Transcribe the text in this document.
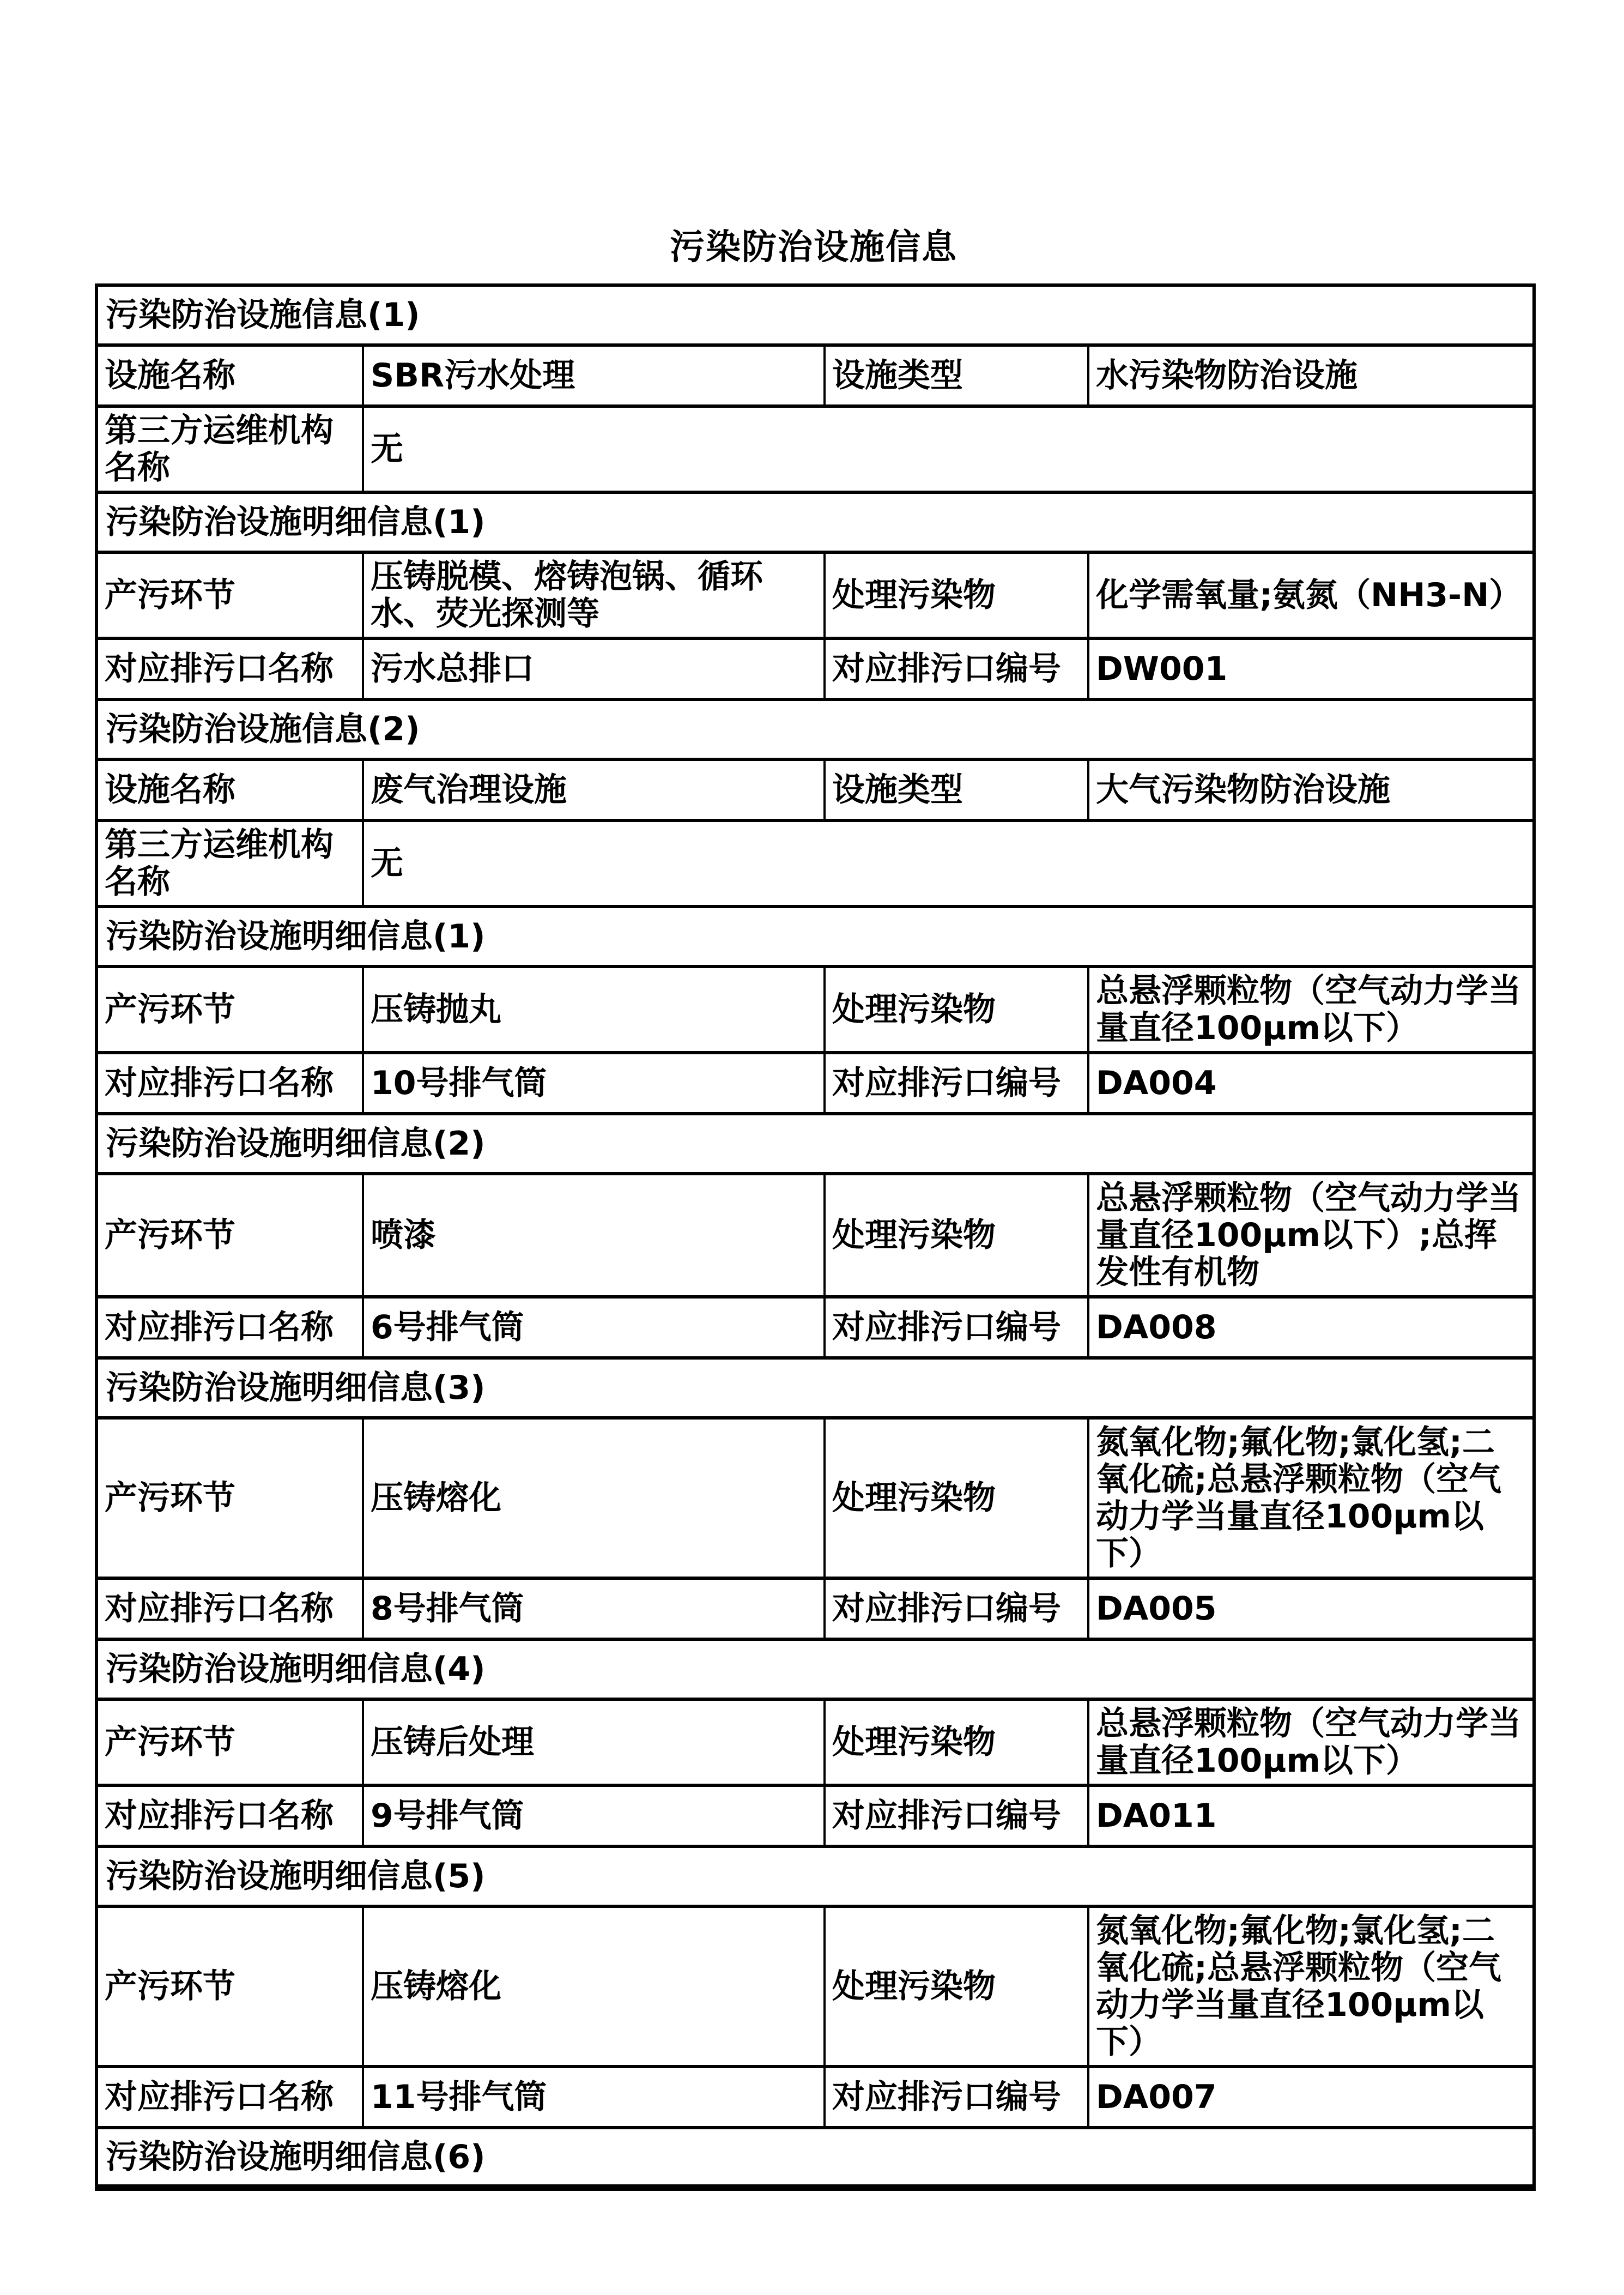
污染防治设施信息
污染防治设施信息(1)			
设施名称	SBR污水处理	设施类型	水污染物防治设施
第三方运维机构名称	无		
污染防治设施明细信息(1)			
产污环节	压铸脱模、熔铸泡锅、循环水、荧光探测等	处理污染物	化学需氧量;氨氮（NH3-N）
对应排污口名称	污水总排口	对应排污口编号	DW001
污染防治设施信息(2)			
设施名称	废气治理设施	设施类型	大气污染物防治设施
第三方运维机构名称	无		
污染防治设施明细信息(1)			
产污环节	压铸抛丸	处理污染物	总悬浮颗粒物（空气动力学当量直径100μm以下）
对应排污口名称	10号排气筒	对应排污口编号	DA004
污染防治设施明细信息(2)			
产污环节	喷漆	处理污染物	总悬浮颗粒物（空气动力学当量直径100μm以下）;总挥发性有机物
对应排污口名称	6号排气筒	对应排污口编号	DA008
污染防治设施明细信息(3)			
产污环节	压铸熔化	处理污染物	氮氧化物;氟化物;氯化氢;二氧化硫;总悬浮颗粒物（空气动力学当量直径100μm以下）
对应排污口名称	8号排气筒	对应排污口编号	DA005
污染防治设施明细信息(4)			
产污环节	压铸后处理	处理污染物	总悬浮颗粒物（空气动力学当量直径100μm以下）
对应排污口名称	9号排气筒	对应排污口编号	DA011
污染防治设施明细信息(5)			
产污环节	压铸熔化	处理污染物	氮氧化物;氟化物;氯化氢;二氧化硫;总悬浮颗粒物（空气动力学当量直径100μm以下）
对应排污口名称	11号排气筒	对应排污口编号	DA007
污染防治设施明细信息(6)			
